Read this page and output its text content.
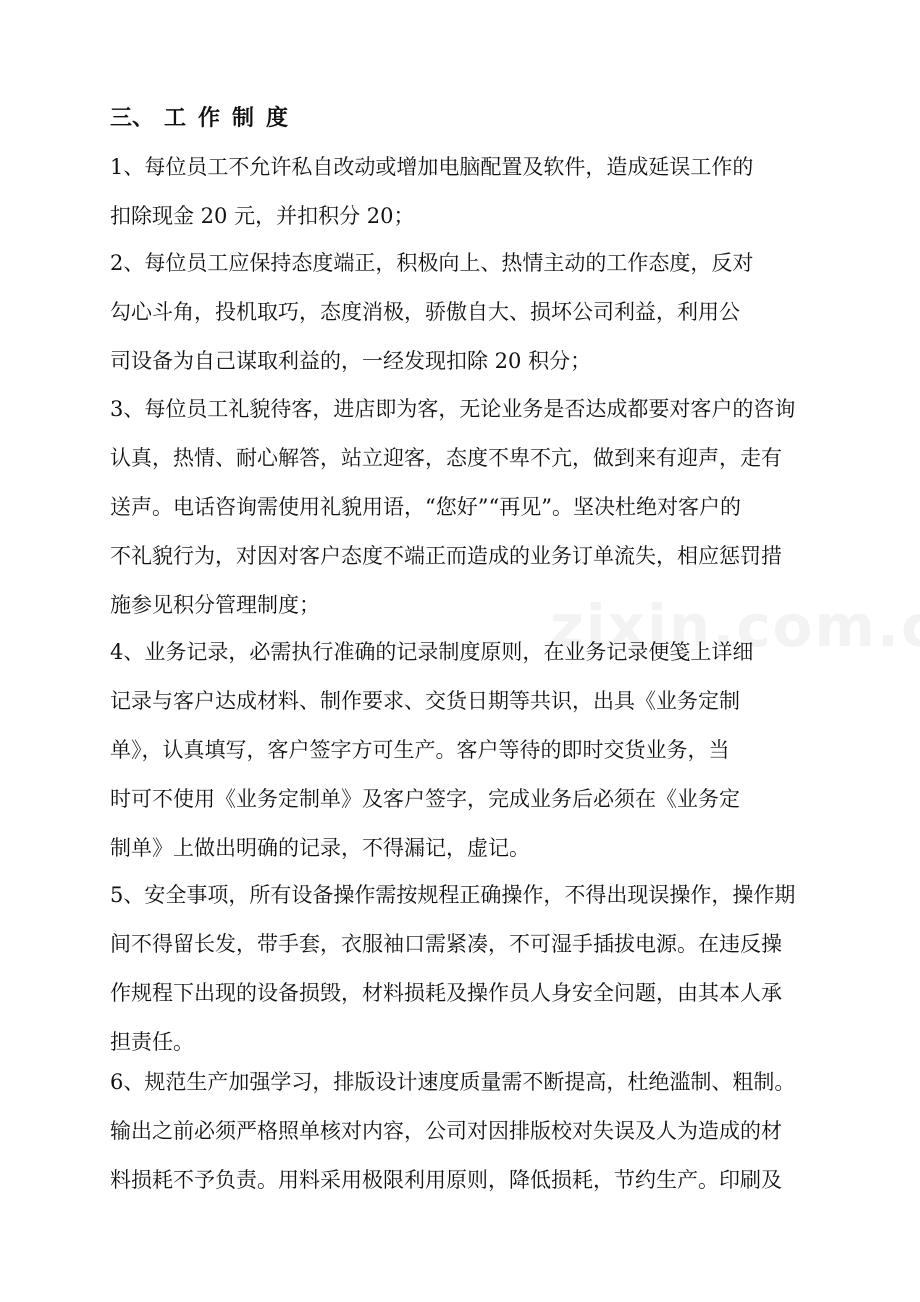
三、 工作制度
1、每位员工不允许私自改动或增加电脑配置及软件，造成延误工作的
扣除现金 20 元，并扣积分 20；
2、每位员工应保持态度端正，积极向上、热情主动的工作态度，反对
勾心斗角，投机取巧，态度消极，骄傲自大、损坏公司利益，利用公
司设备为自己谋取利益的，一经发现扣除 20 积分；
3、每位员工礼貌待客，进店即为客，无论业务是否达成都要对客户的咨询
认真，热情、耐心解答，站立迎客，态度不卑不亢，做到来有迎声，走有
送声。电话咨询需使用礼貌用语，“您好”“再见”。坚决杜绝对客户的
不礼貌行为，对因对客户态度不端正而造成的业务订单流失，相应惩罚措
施参见积分管理制度；
4、业务记录，必需执行准确的记录制度原则，在业务记录便笺上详细
记录与客户达成材料、制作要求、交货日期等共识，出具《业务定制
单》，认真填写，客户签字方可生产。客户等待的即时交货业务，当
时可不使用《业务定制单》及客户签字，完成业务后必须在《业务定
制单》上做出明确的记录，不得漏记，虚记。
5、安全事项，所有设备操作需按规程正确操作，不得出现误操作，操作期
间不得留长发，带手套，衣服袖口需紧凑，不可湿手插拔电源。在违反操
作规程下出现的设备损毁，材料损耗及操作员人身安全问题，由其本人承
担责任。
6、规范生产加强学习，排版设计速度质量需不断提高，杜绝滥制、粗制。
输出之前必须严格照单核对内容，公司对因排版校对失误及人为造成的材
料损耗不予负责。用料采用极限利用原则，降低损耗，节约生产。印刷及
